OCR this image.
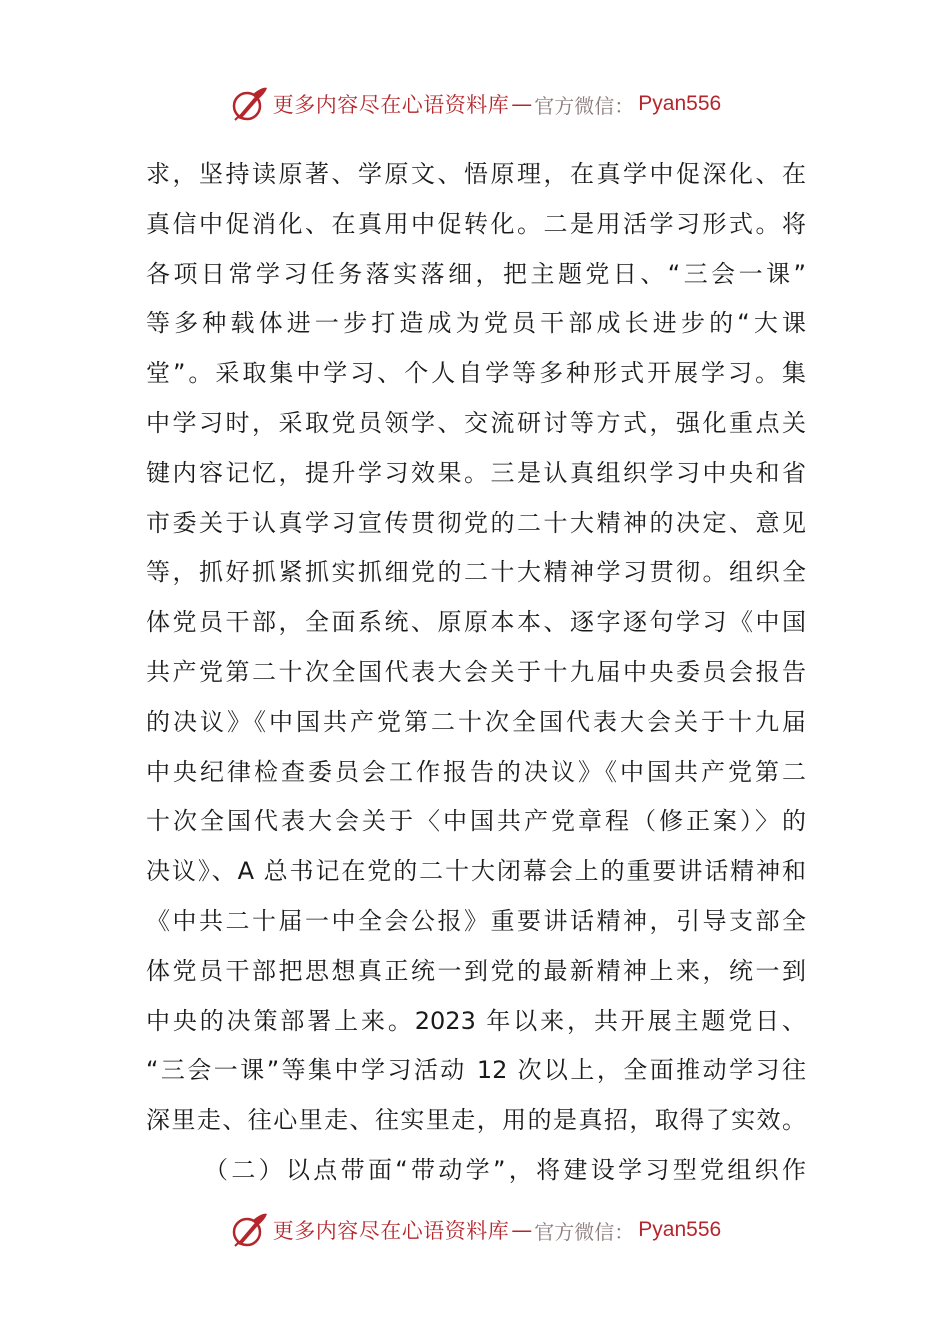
更多内容尽在心语资料库 — 官方微信： Pyan556
求，坚持读原著、学原文、悟原理，在真学中促深化、在
真信中促消化、在真用中促转化。二是用活学习形式。将
各项日常学习任务落实落细，把主题党日、“三会一课”
等多种载体进一步打造成为党员干部成长进步的“大课
堂”。采取集中学习、个人自学等多种形式开展学习。集
中学习时，采取党员领学、交流研讨等方式，强化重点关
键内容记忆，提升学习效果。三是认真组织学习中央和省
市委关于认真学习宣传贯彻党的二十大精神的决定、意见
等，抓好抓紧抓实抓细党的二十大精神学习贯彻。组织全
体党员干部，全面系统、原原本本、逐字逐句学习《中国
共产党第二十次全国代表大会关于十九届中央委员会报告
的决议》《中国共产党第二十次全国代表大会关于十九届
中央纪律检查委员会工作报告的决议》《中国共产党第二
十次全国代表大会关于〈中国共产党章程（修正案）〉的
决议》、A 总书记在党的二十大闭幕会上的重要讲话精神和
《中共二十届一中全会公报》重要讲话精神，引导支部全
体党员干部把思想真正统一到党的最新精神上来，统一到
中央的决策部署上来。2023 年以来，共开展主题党日、
“三会一课”等集中学习活动 12 次以上，全面推动学习往
深里走、往心里走、往实里走，用的是真招，取得了实效。
（二）以点带面“带动学”，将建设学习型党组织作
更多内容尽在心语资料库 — 官方微信： Pyan556
